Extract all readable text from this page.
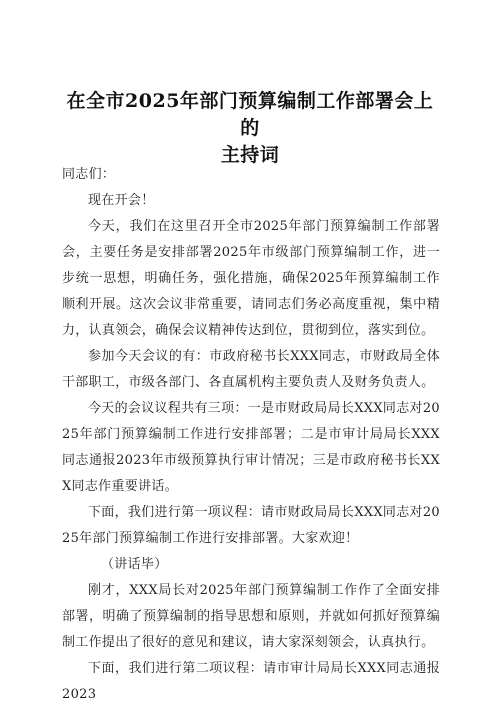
在全市2025年部门预算编制工作部署会上的
主持词

同志们：

现在开会！

今天，我们在这里召开全市2025年部门预算编制工作部署会，主要任务是安排部署2025年市级部门预算编制工作，进一步统一思想，明确任务，强化措施，确保2025年预算编制工作顺利开展。这次会议非常重要，请同志们务必高度重视，集中精力，认真领会，确保会议精神传达到位，贯彻到位，落实到位。

参加今天会议的有：市政府秘书长XXX同志，市财政局全体干部职工，市级各部门、各直属机构主要负责人及财务负责人。

今天的会议议程共有三项：一是市财政局局长XXX同志对2025年部门预算编制工作进行安排部署；二是市审计局局长XXX同志通报2023年市级预算执行审计情况；三是市政府秘书长XXX同志作重要讲话。

下面，我们进行第一项议程：请市财政局局长XXX同志对2025年部门预算编制工作进行安排部署。大家欢迎！

（讲话毕）

刚才，XXX局长对2025年部门预算编制工作作了全面安排部署，明确了预算编制的指导思想和原则，并就如何抓好预算编制工作提出了很好的意见和建议，请大家深刻领会，认真执行。

下面，我们进行第二项议程：请市审计局局长XXX同志通报2023
